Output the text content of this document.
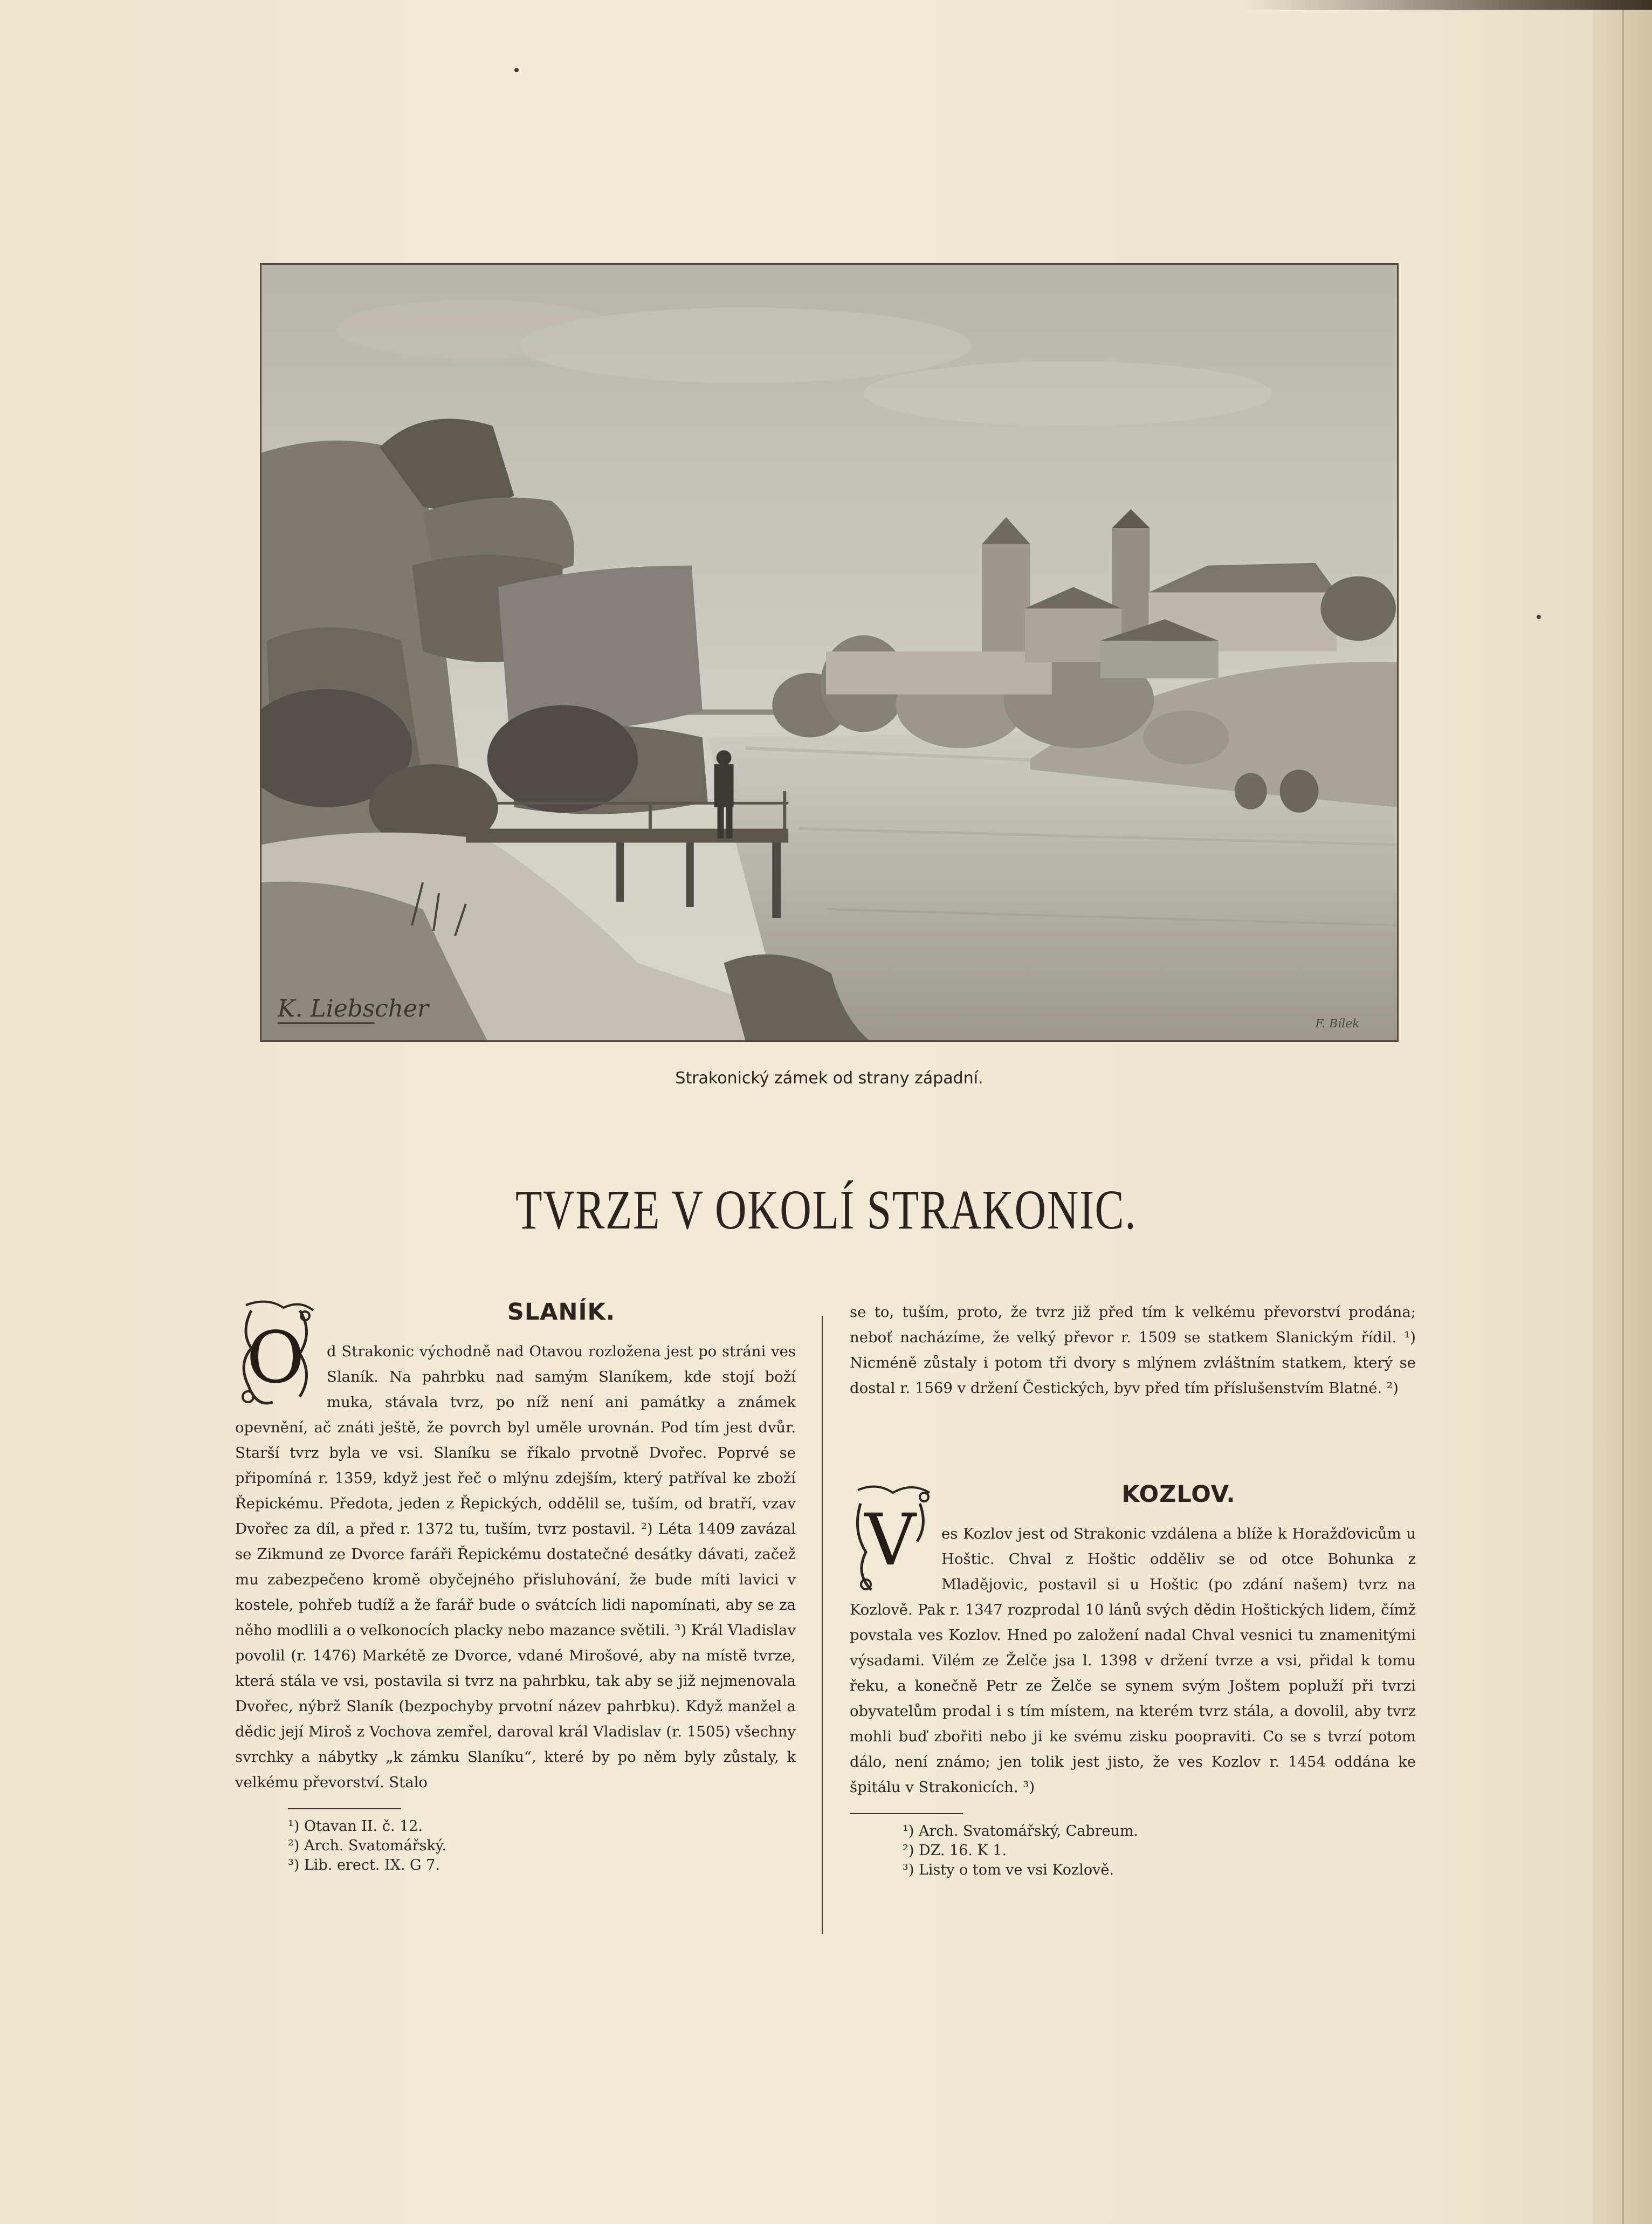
K. Liebscher
F. Bílek
Strakonický zámek od strany západní.
TVRZE V OKOLÍ STRAKONIC.
O
SLANÍK.

d Strakonic východně nad Otavou rozložena jest po stráni ves Slaník. Na pahrbku nad samým Slaníkem, kde stojí boží muka, stávala tvrz, po níž není ani památky a známek opevnění, ač znáti ještě, že povrch byl uměle urovnán. Pod tím jest dvůr. Starší tvrz byla ve vsi. Slaníku se říkalo prvotně Dvořec. Poprvé se připomíná r. 1359, když jest řeč o mlýnu zdejším, který patříval ke zboží Řepickému. Předota, jeden z Řepických, oddělil se, tuším, od bratří, vzav Dvořec za díl, a před r. 1372 tu, tuším, tvrz postavil. ²) Léta 1409 zavázal se Zikmund ze Dvorce faráři Řepickému dostatečné desátky dávati, začež mu zabezpečeno kromě obyčejného přisluhování, že bude míti lavici v kostele, pohřeb tudíž a že farář bude o svátcích lidi napomínati, aby se za něho modlili a o velkonocích placky nebo mazance světili. ³) Král Vladislav povolil (r. 1476) Markétě ze Dvorce, vdané Mirošové, aby na místě tvrze, která stála ve vsi, postavila si tvrz na pahrbku, tak aby se již nejmenovala Dvořec, nýbrž Slaník (bezpochyby prvotní název pahrbku). Když manžel a dědic její Miroš z Vochova zemřel, daroval král Vladislav (r. 1505) všechny svrchky a nábytky „k zámku Slaníku“, které by po něm byly zůstaly, k velkému převorství. Stalo

¹) Otavan II. č. 12.
²) Arch. Svatomářský.
³) Lib. erect. IX. G 7.

se to, tuším, proto, že tvrz již před tím k velkému převorství prodána; neboť nacházíme, že velký převor r. 1509 se statkem Slanickým řídil. ¹) Nicméně zůstaly i potom tři dvory s mlýnem zvláštním statkem, který se dostal r. 1569 v držení Čestických, byv před tím příslušenstvím Blatné. ²)

V
KOZLOV.

es Kozlov jest od Strakonic vzdálena a blíže k Horažďovicům u Hoštic. Chval z Hoštic odděliv se od otce Bohunka z Mladějovic, postavil si u Hoštic (po zdání našem) tvrz na Kozlově. Pak r. 1347 rozprodal 10 lánů svých dědin Hoštických lidem, čímž povstala ves Kozlov. Hned po založení nadal Chval vesnici tu znamenitými výsadami. Vilém ze Želče jsa l. 1398 v držení tvrze a vsi, přidal k tomu řeku, a konečně Petr ze Želče se synem svým Joštem popluží při tvrzi obyvatelům prodal i s tím místem, na kterém tvrz stála, a dovolil, aby tvrz mohli buď zbořiti nebo ji ke svému zisku poopraviti. Co se s tvrzí potom dálo, není známo; jen tolik jest jisto, že ves Kozlov r. 1454 oddána ke špitálu v Strakonicích. ³)

¹) Arch. Svatomářský, Cabreum.
²) DZ. 16. K 1.
³) Listy o tom ve vsi Kozlově.
